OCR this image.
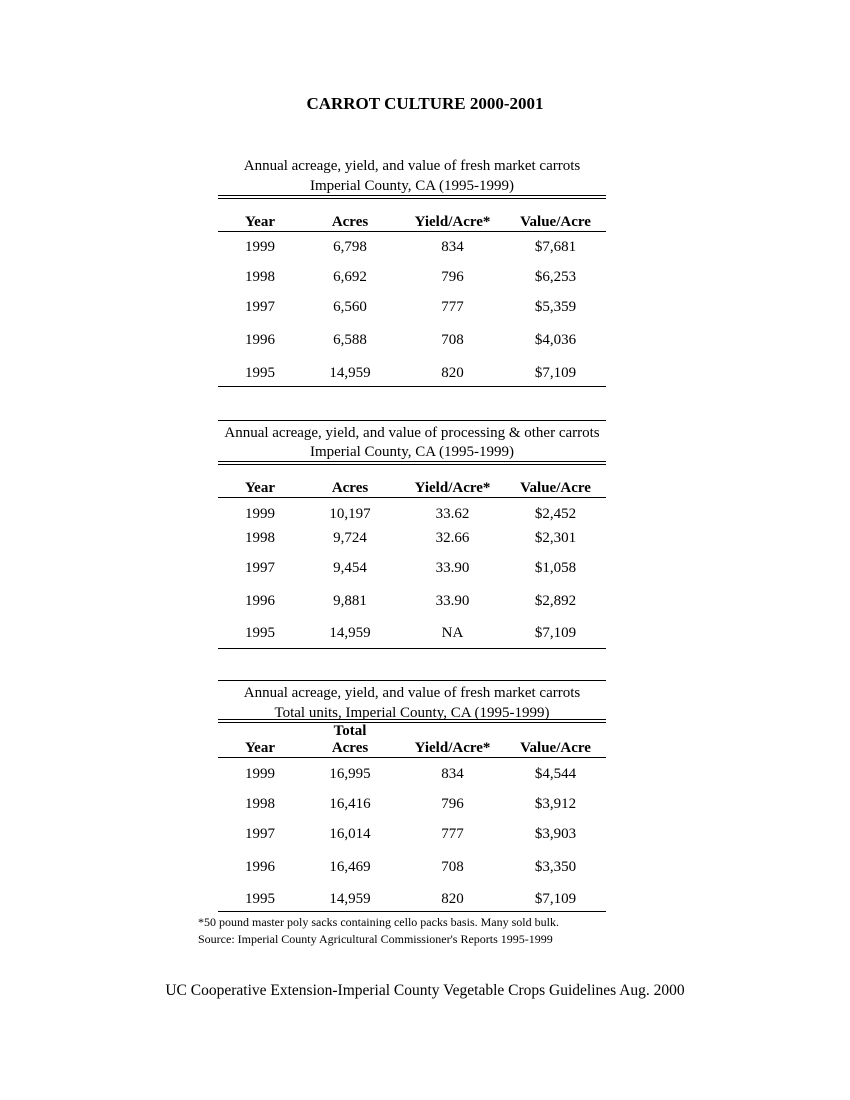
CARROT CULTURE 2000-2001
Annual acreage, yield, and value of fresh market carrots
Imperial County, CA (1995-1999)
Year	Acres	Yield/Acre*	Value/Acre
1999	6,798	834	$7,681
1998	6,692	796	$6,253
1997	6,560	777	$5,359
1996	6,588	708	$4,036
1995	14,959	820	$7,109
Annual acreage, yield, and value of processing & other carrots
Imperial County, CA (1995-1999)
Year	Acres	Yield/Acre*	Value/Acre
1999	10,197	33.62	$2,452
1998	9,724	32.66	$2,301
1997	9,454	33.90	$1,058
1996	9,881	33.90	$2,892
1995	14,959	NA	$7,109
Annual acreage, yield, and value of fresh market carrots
Total units, Imperial County, CA (1995-1999)
Total
Year	Acres	Yield/Acre*	Value/Acre
1999	16,995	834	$4,544
1998	16,416	796	$3,912
1997	16,014	777	$3,903
1996	16,469	708	$3,350
1995	14,959	820	$7,109
*50 pound master poly sacks containing cello packs basis. Many sold bulk.
Source: Imperial County Agricultural Commissioner's Reports 1995-1999
UC Cooperative Extension-Imperial County Vegetable Crops Guidelines Aug. 2000
